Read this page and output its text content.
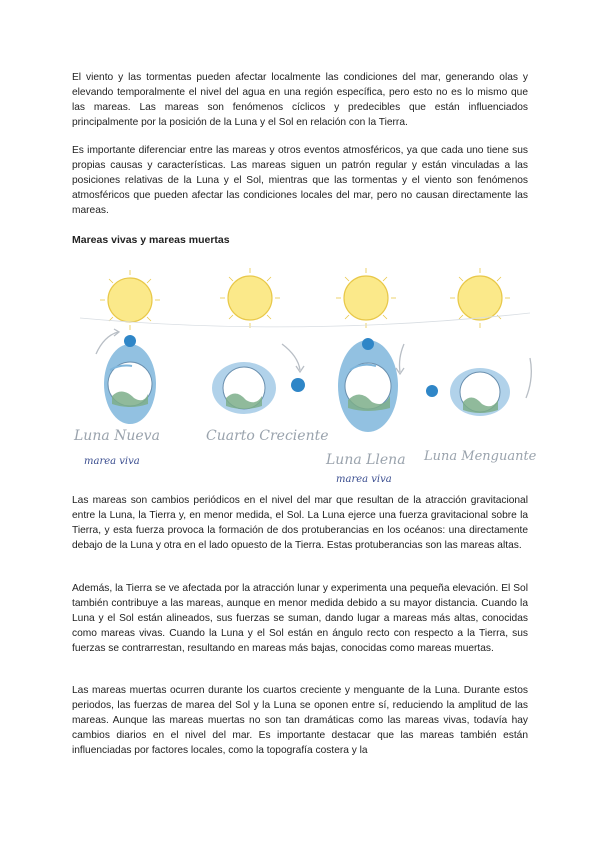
El viento y las tormentas pueden afectar localmente las condiciones del mar, generando olas y elevando temporalmente el nivel del agua en una región específica, pero esto no es lo mismo que las mareas. Las mareas son fenómenos cíclicos y predecibles que están influenciados principalmente por la posición de la Luna y el Sol en relación con la Tierra.

Es importante diferenciar entre las mareas y otros eventos atmosféricos, ya que cada uno tiene sus propias causas y características. Las mareas siguen un patrón regular y están vinculadas a las posiciones relativas de la Luna y el Sol, mientras que las tormentas y el viento son fenómenos atmosféricos que pueden afectar las condiciones locales del mar, pero no causan directamente las mareas.

Mareas vivas y mareas muertas
Luna Nueva
marea viva
Cuarto Creciente
Luna Llena
marea viva
Luna Menguante

Las mareas son cambios periódicos en el nivel del mar que resultan de la atracción gravitacional entre la Luna, la Tierra y, en menor medida, el Sol. La Luna ejerce una fuerza gravitacional sobre la Tierra, y esta fuerza provoca la formación de dos protuberancias en los océanos: una directamente debajo de la Luna y otra en el lado opuesto de la Tierra. Estas protuberancias son las mareas altas.

Además, la Tierra se ve afectada por la atracción lunar y experimenta una pequeña elevación. El Sol también contribuye a las mareas, aunque en menor medida debido a su mayor distancia. Cuando la Luna y el Sol están alineados, sus fuerzas se suman, dando lugar a mareas más altas, conocidas como mareas vivas. Cuando la Luna y el Sol están en ángulo recto con respecto a la Tierra, sus fuerzas se contrarrestan, resultando en mareas más bajas, conocidas como mareas muertas.

Las mareas muertas ocurren durante los cuartos creciente y menguante de la Luna. Durante estos periodos, las fuerzas de marea del Sol y la Luna se oponen entre sí, reduciendo la amplitud de las mareas. Aunque las mareas muertas no son tan dramáticas como las mareas vivas, todavía hay cambios diarios en el nivel del mar. Es importante destacar que las mareas también están influenciadas por factores locales, como la topografía costera y la
